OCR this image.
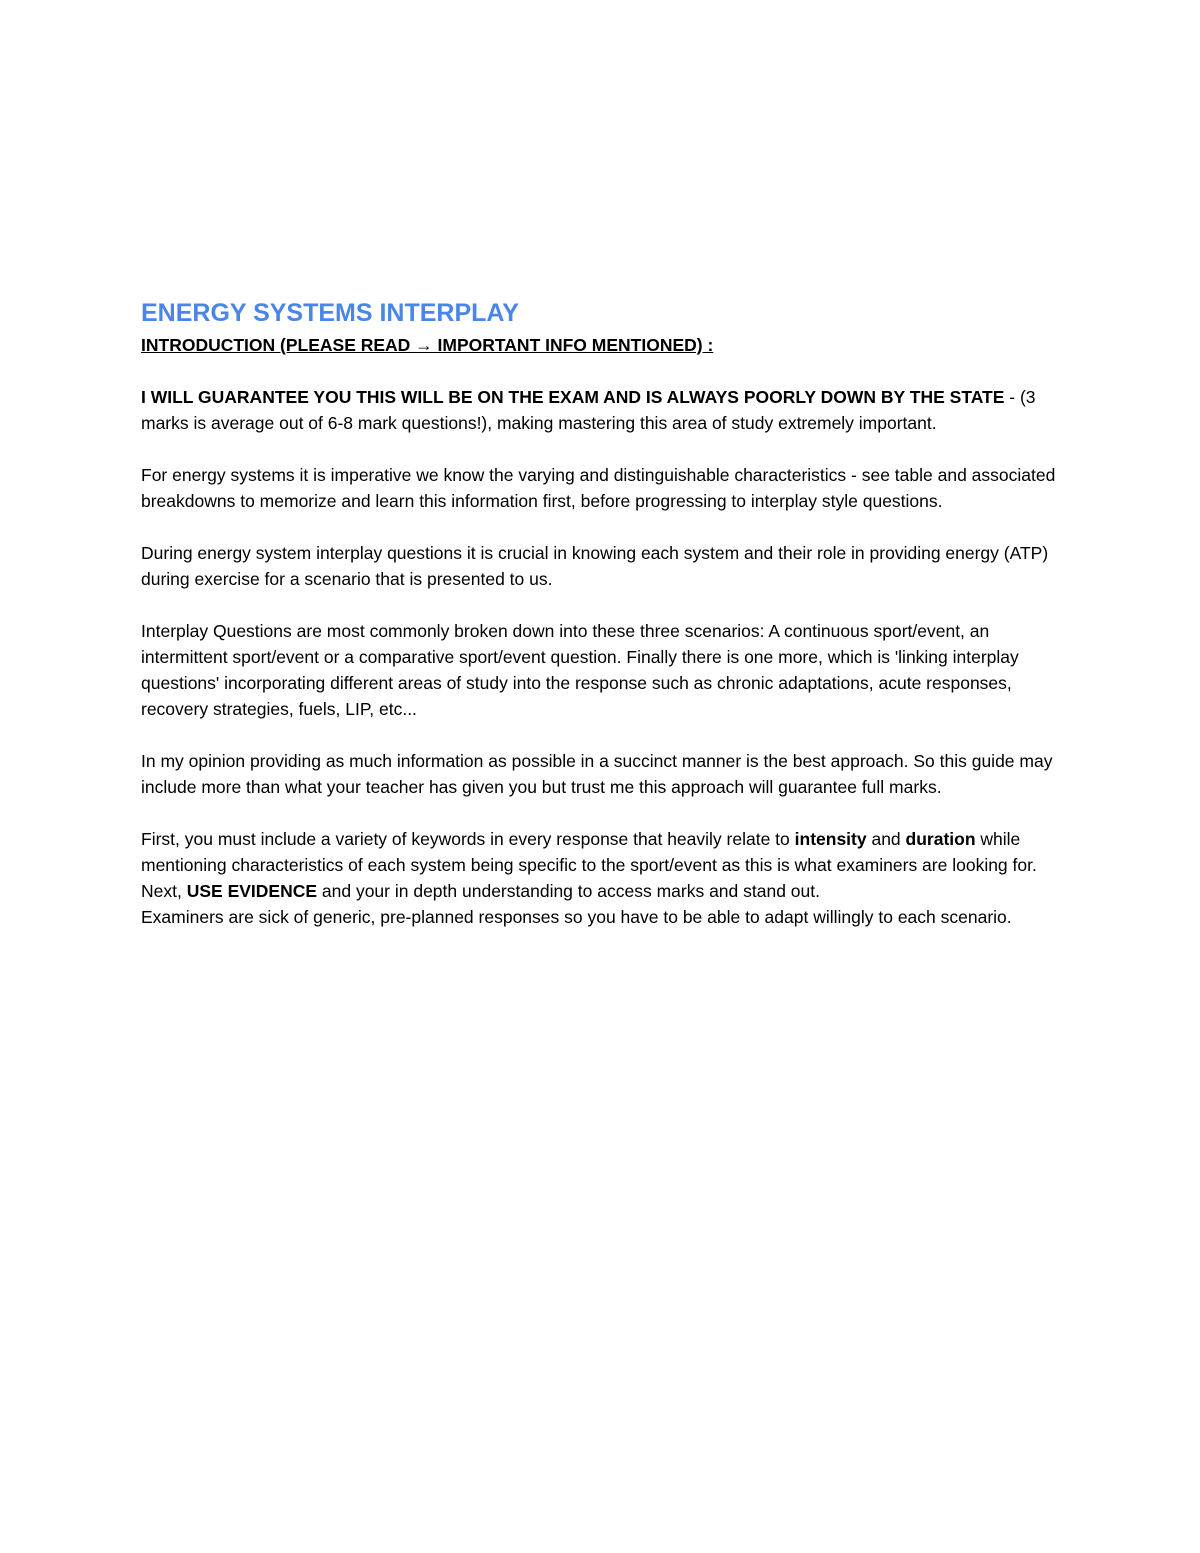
ENERGY SYSTEMS INTERPLAY

INTRODUCTION (PLEASE READ → IMPORTANT INFO MENTIONED) :

I WILL GUARANTEE YOU THIS WILL BE ON THE EXAM AND IS ALWAYS POORLY DOWN BY THE STATE - (3 marks is average out of 6-8 mark questions!), making mastering this area of study extremely important.

For energy systems it is imperative we know the varying and distinguishable characteristics - see table and associated breakdowns to memorize and learn this information first, before progressing to interplay style questions.

During energy system interplay questions it is crucial in knowing each system and their role in providing energy (ATP) during exercise for a scenario that is presented to us.

Interplay Questions are most commonly broken down into these three scenarios: A continuous sport/event, an intermittent sport/event or a comparative sport/event question. Finally there is one more, which is 'linking interplay questions' incorporating different areas of study into the response such as chronic adaptations, acute responses, recovery strategies, fuels, LIP, etc...

In my opinion providing as much information as possible in a succinct manner is the best approach. So this guide may include more than what your teacher has given you but trust me this approach will guarantee full marks.

First, you must include a variety of keywords in every response that heavily relate to intensity and duration while mentioning characteristics of each system being specific to the sport/event as this is what examiners are looking for. Next, USE EVIDENCE and your in depth understanding to access marks and stand out.

Examiners are sick of generic, pre-planned responses so you have to be able to adapt willingly to each scenario.
